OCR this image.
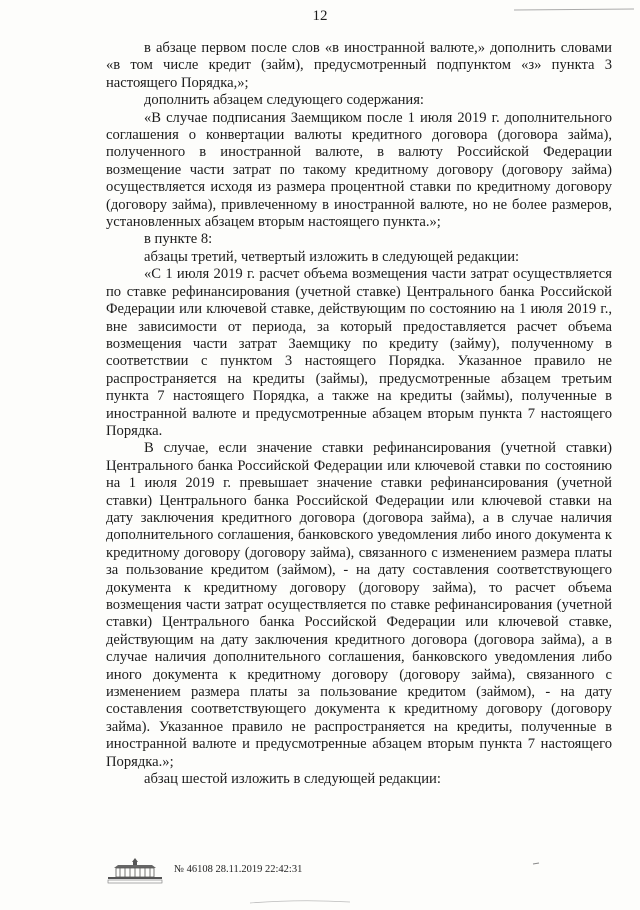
12

в абзаце первом после слов «в иностранной валюте,» дополнить словами «в том числе кредит (займ), предусмотренный подпунктом «з» пункта 3 настоящего Порядка,»;

дополнить абзацем следующего содержания:

«В случае подписания Заемщиком после 1 июля 2019 г. дополнительного соглашения о конвертации валюты кредитного договора (договора займа), полученного в иностранной валюте, в валюту Российской Федерации возмещение части затрат по такому кредитному договору (договору займа) осуществляется исходя из размера процентной ставки по кредитному договору (договору займа), привлеченному в иностранной валюте, но не более размеров, установленных абзацем вторым настоящего пункта.»;

в пункте 8:

абзацы третий, четвертый изложить в следующей редакции:

«С 1 июля 2019 г. расчет объема возмещения части затрат осуществляется по ставке рефинансирования (учетной ставке) Центрального банка Российской Федерации или ключевой ставке, действующим по состоянию на 1 июля 2019 г., вне зависимости от периода, за который предоставляется расчет объема возмещения части затрат Заемщику по кредиту (займу), полученному в соответствии с пунктом 3 настоящего Порядка. Указанное правило не распространяется на кредиты (займы), предусмотренные абзацем третьим пункта 7 настоящего Порядка, а также на кредиты (займы), полученные в иностранной валюте и предусмотренные абзацем вторым пункта 7 настоящего Порядка.

В случае, если значение ставки рефинансирования (учетной ставки) Центрального банка Российской Федерации или ключевой ставки по состоянию на 1 июля 2019 г. превышает значение ставки рефинансирования (учетной ставки) Центрального банка Российской Федерации или ключевой ставки на дату заключения кредитного договора (договора займа), а в случае наличия дополнительного соглашения, банковского уведомления либо иного документа к кредитному договору (договору займа), связанного с изменением размера платы за пользование кредитом (займом), - на дату составления соответствующего документа к кредитному договору (договору займа), то расчет объема возмещения части затрат осуществляется по ставке рефинансирования (учетной ставки) Центрального банка Российской Федерации или ключевой ставке, действующим на дату заключения кредитного договора (договора займа), а в случае наличия дополнительного соглашения, банковского уведомления либо иного документа к кредитному договору (договору займа), связанного с изменением размера платы за пользование кредитом (займом), - на дату составления соответствующего документа к кредитному договору (договору займа). Указанное правило не распространяется на кредиты, полученные в иностранной валюте и предусмотренные абзацем вторым пункта 7 настоящего Порядка.»;

абзац шестой изложить в следующей редакции:

№ 46108 28.11.2019 22:42:31
